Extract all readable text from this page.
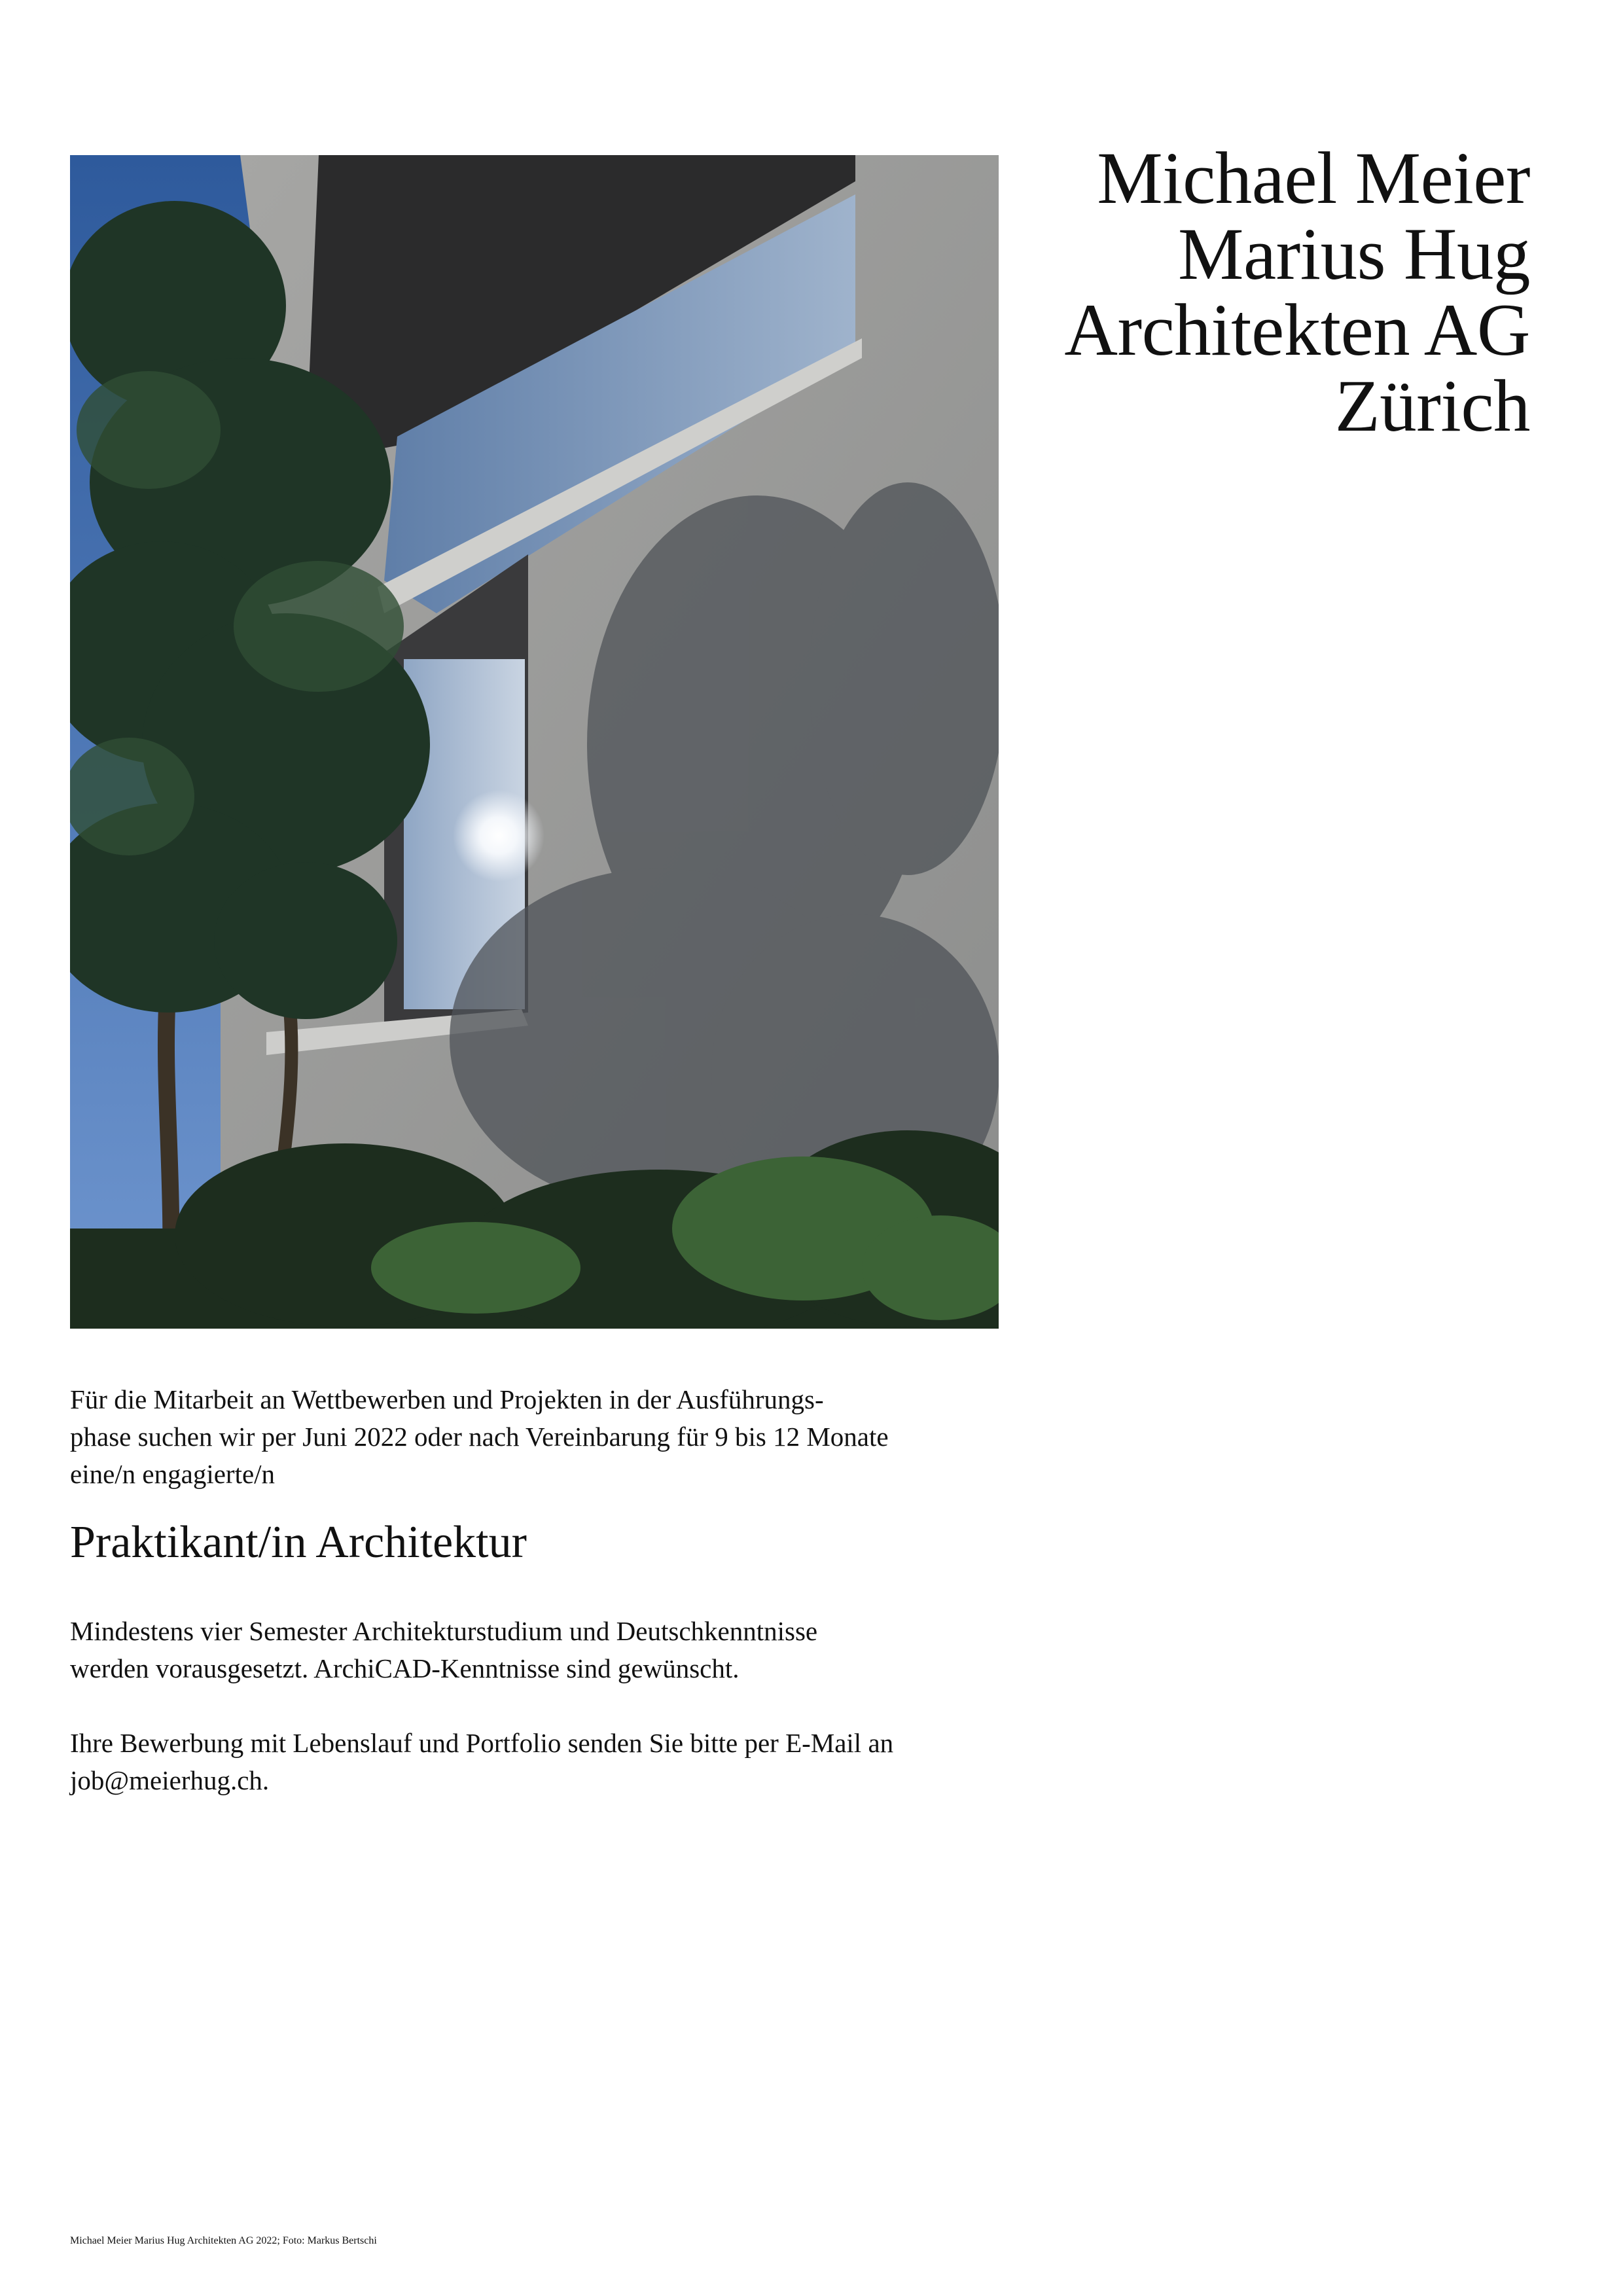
Michael Meier
Marius Hug
Architekten AG
Zürich

Für die Mitarbeit an Wettbewerben und Projekten in der Ausführungs-
phase suchen wir per Juni 2022 oder nach Vereinbarung für 9 bis 12 Monate
eine/n engagierte/n

Praktikant/in Architektur

Mindestens vier Semester Architekturstudium und Deutschkenntnisse
werden vorausgesetzt. ArchiCAD-Kenntnisse sind gewünscht.

Ihre Bewerbung mit Lebenslauf und Portfolio senden Sie bitte per E-Mail an
job@meierhug.ch.

Michael Meier Marius Hug Architekten AG 2022; Foto: Markus Bertschi
